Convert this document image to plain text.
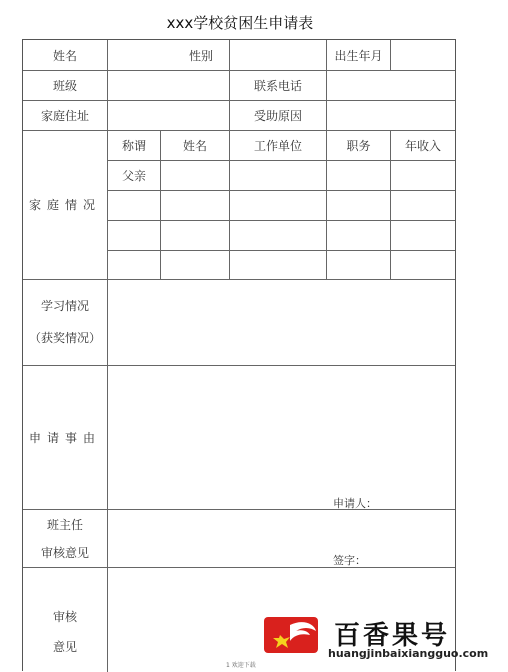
xxx学校贫困生申请表
姓名	性别	出生年月
班级	联系电话
家庭住址	受助原因
家庭情况
称谓	姓名	工作单位	职务	年收入
父亲
学习情况
（获奖情况）
申请事由
申请人：
班主任
审核意见
签字：
审核
意见
1 欢迎下载
百香果号
huangjinbaixiangguo.com
